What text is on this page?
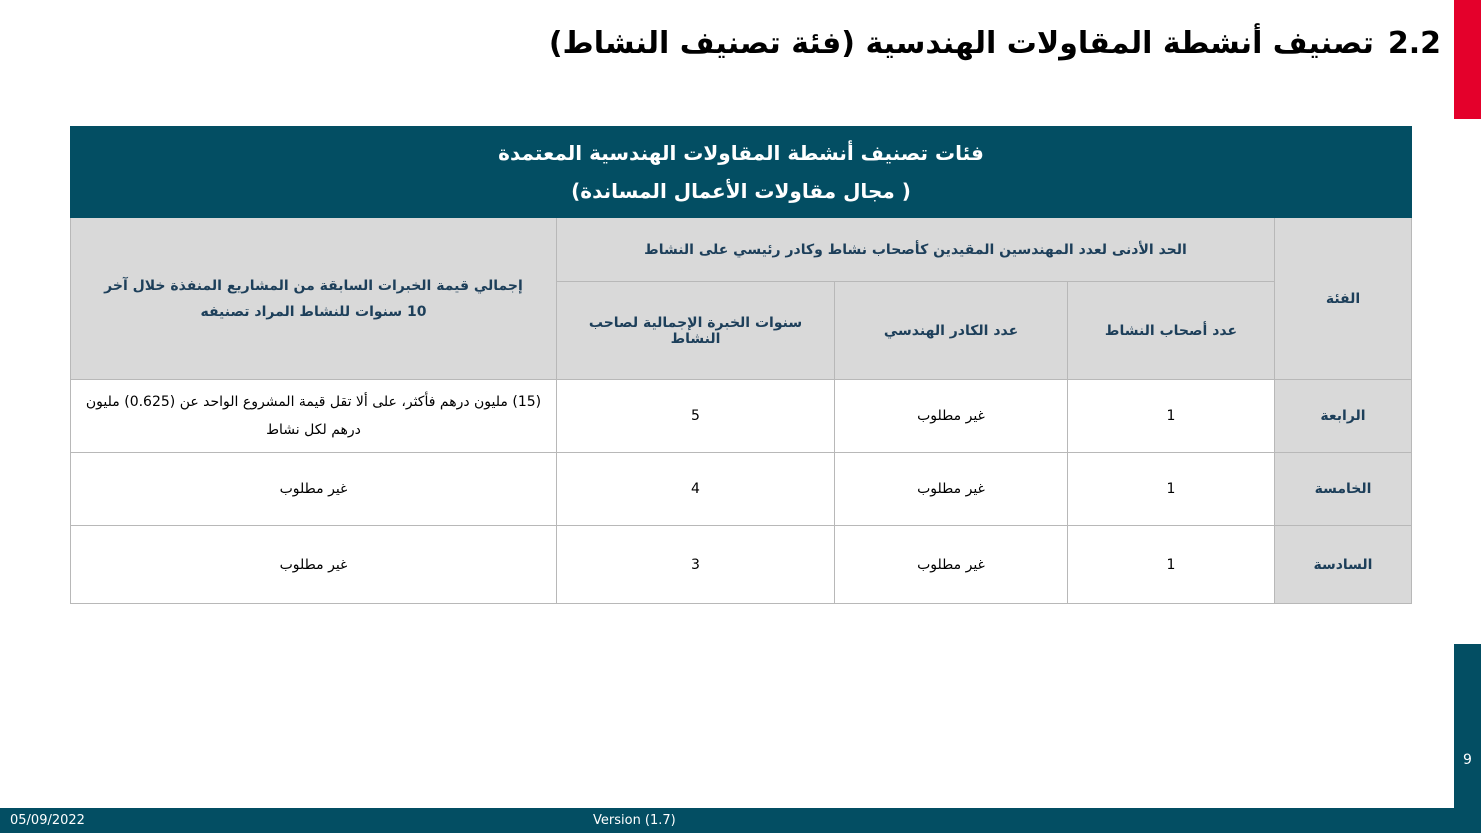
9
2.2تصنيف أنشطة المقاولات الهندسية (فئة تصنيف النشاط)
فئات تصنيف أنشطة المقاولات الهندسية المعتمدة
( مجال مقاولات الأعمال المساندة)				

الفئة	الحد الأدنى لعدد المهندسين المقيدين كأصحاب نشاط وكادر رئيسي على النشاط			إجمالي قيمة الخبرات السابقة من المشاريع المنفذة خلال آخر 10 سنوات للنشاط المراد تصنيفه
	عدد أصحاب النشاط	عدد الكادر الهندسي	سنوات الخبرة الإجمالية لصاحب النشاط	
الرابعة	1	غير مطلوب	5	(15) مليون درهم فأكثر، على ألا تقل قيمة المشروع الواحد عن (0.625) مليون درهم لكل نشاط
الخامسة	1	غير مطلوب	4	غير مطلوب
السادسة	1	غير مطلوب	3	غير مطلوب
05/09/2022	Version (1.7)
